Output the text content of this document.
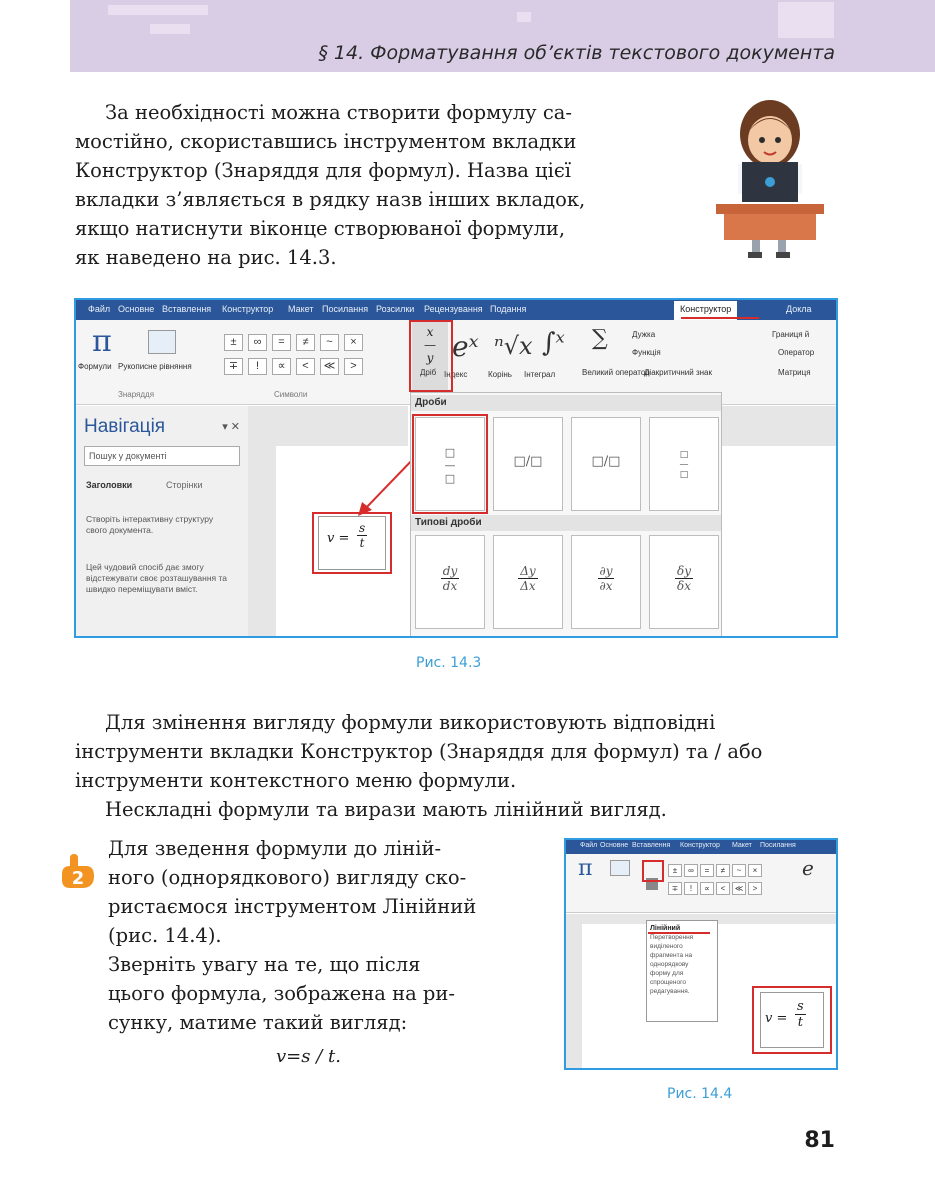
§ 14. Форматування об’єктів текстового документа
За необхідності можна створити формулу са-
мостійно, скориставшись інструментом вкладки
Конструктор (Знаряддя для формул). Назва цієї
вкладки з’являється в рядку назв інших вкладок,
якщо натиснути віконце створюваної формули,
як наведено на рис. 14.3.
Файл Основне Вставлення Конструктор Макет Посилання Розсилки Рецензування Подання	Конструктор	Докла
π
Формули Рукописне рівняння
Знаряддя
±	∞	=	≠	~	×
∓	!	∝	<	≪	>
Символи
x
—
y
Дріб
eˣ ⁿ√x ∫ˣ
Індекс	Корінь Інтеграл
∑
Великий оператор
Дужка
Функція
Діакритичний знак
Границя й
Оператор
Матриця
Навігація	▾ ✕
Пошук у документі
Заголовки	Сторінки
Створіть інтерактивну структуру свого документа.
Цей чудовий спосіб дає змогу відстежувати своє розташування та швидко переміщувати вміст.
$v = \frac{s}{t}$
Дроби
□
—
□
□/□	□/□	□
—
□
Типові дроби
$\frac{dy}{dx}$	$\frac{\Delta y}{\Delta x}$	$\frac{\partial y}{\partial x}$	$\frac{\delta y}{\delta x}$
Рис. 14.3
Для змінення вигляду формули використовують відповідні
інструменти вкладки Конструктор (Знаряддя для формул) та / або
інструменти контекстного меню формули.
Нескладні формули та вирази мають лінійний вигляд.
2
Для зведення формули до лінiй-
ного (однорядкового) вигляду ско-
ристаємося інструментом Лінійний
(рис. 14.4).
Зверніть увагу на те, що після
цього формула, зображена на ри-
сунку, матиме такий вигляд:
v=s / t.
Файл Основне Вставлення Конструктор Макет Посилання
π	±	∞	=	≠	~	×
∓	!	∝	<	≪	>
e
Лінійний
Перетворення
виділеного
фрагмента на
однорядкову
форму для
спрощеного
редагування.
$v = \frac{s}{t}$
Рис. 14.4
81
